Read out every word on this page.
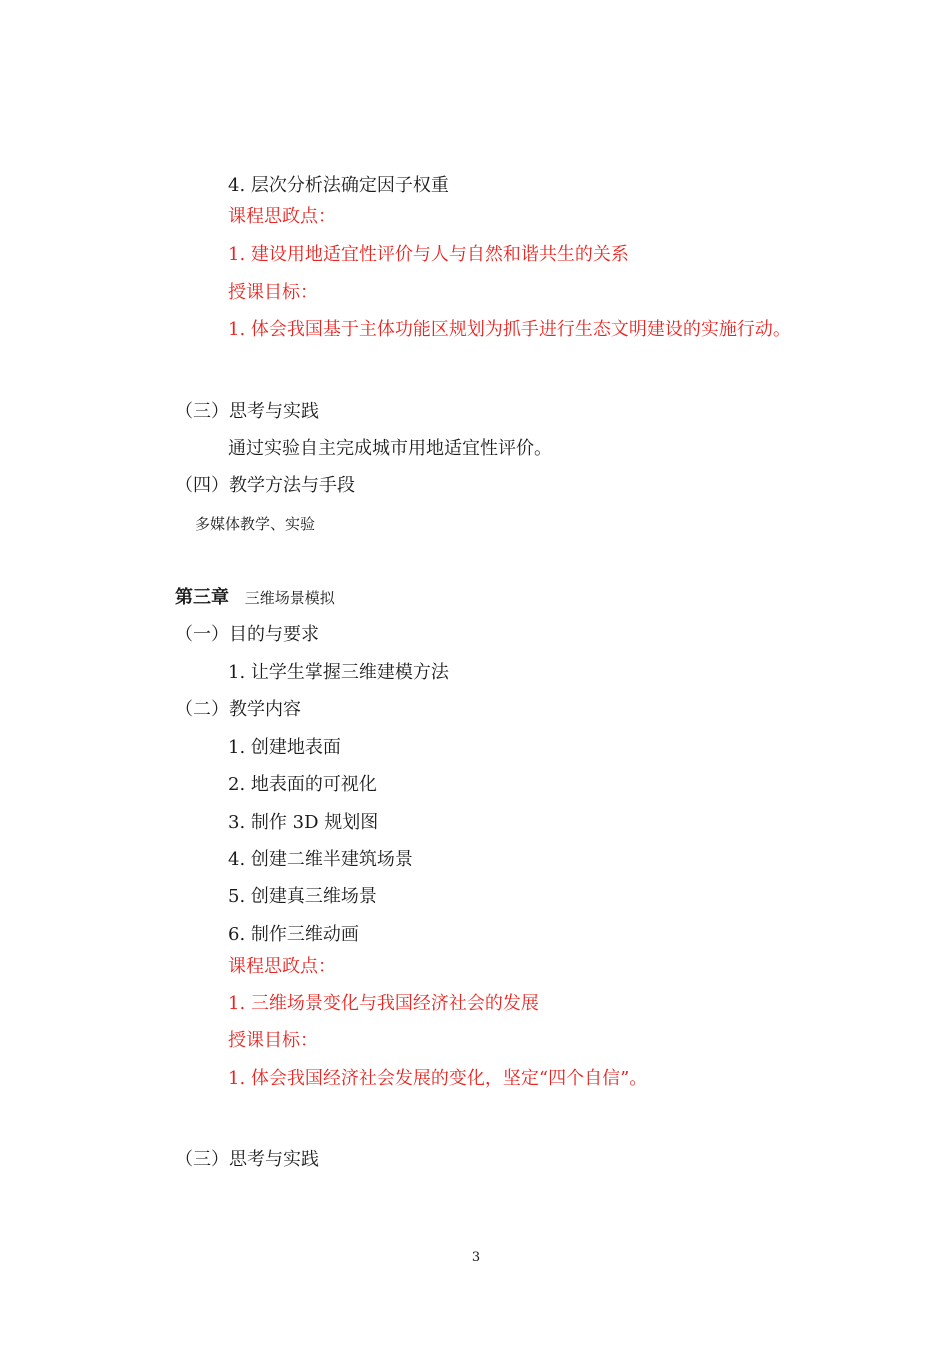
4. 层次分析法确定因子权重
课程思政点：
1. 建设用地适宜性评价与人与自然和谐共生的关系
授课目标：
1. 体会我国基于主体功能区规划为抓手进行生态文明建设的实施行动。
（三）思考与实践
通过实验自主完成城市用地适宜性评价。
（四）教学方法与手段
多媒体教学、实验
第三章 三维场景模拟
（一）目的与要求
1. 让学生掌握三维建模方法
（二）教学内容
1. 创建地表面
2. 地表面的可视化
3. 制作 3D 规划图
4. 创建二维半建筑场景
5. 创建真三维场景
6. 制作三维动画
课程思政点：
1. 三维场景变化与我国经济社会的发展
授课目标：
1. 体会我国经济社会发展的变化，坚定“四个自信”。
（三）思考与实践
3
